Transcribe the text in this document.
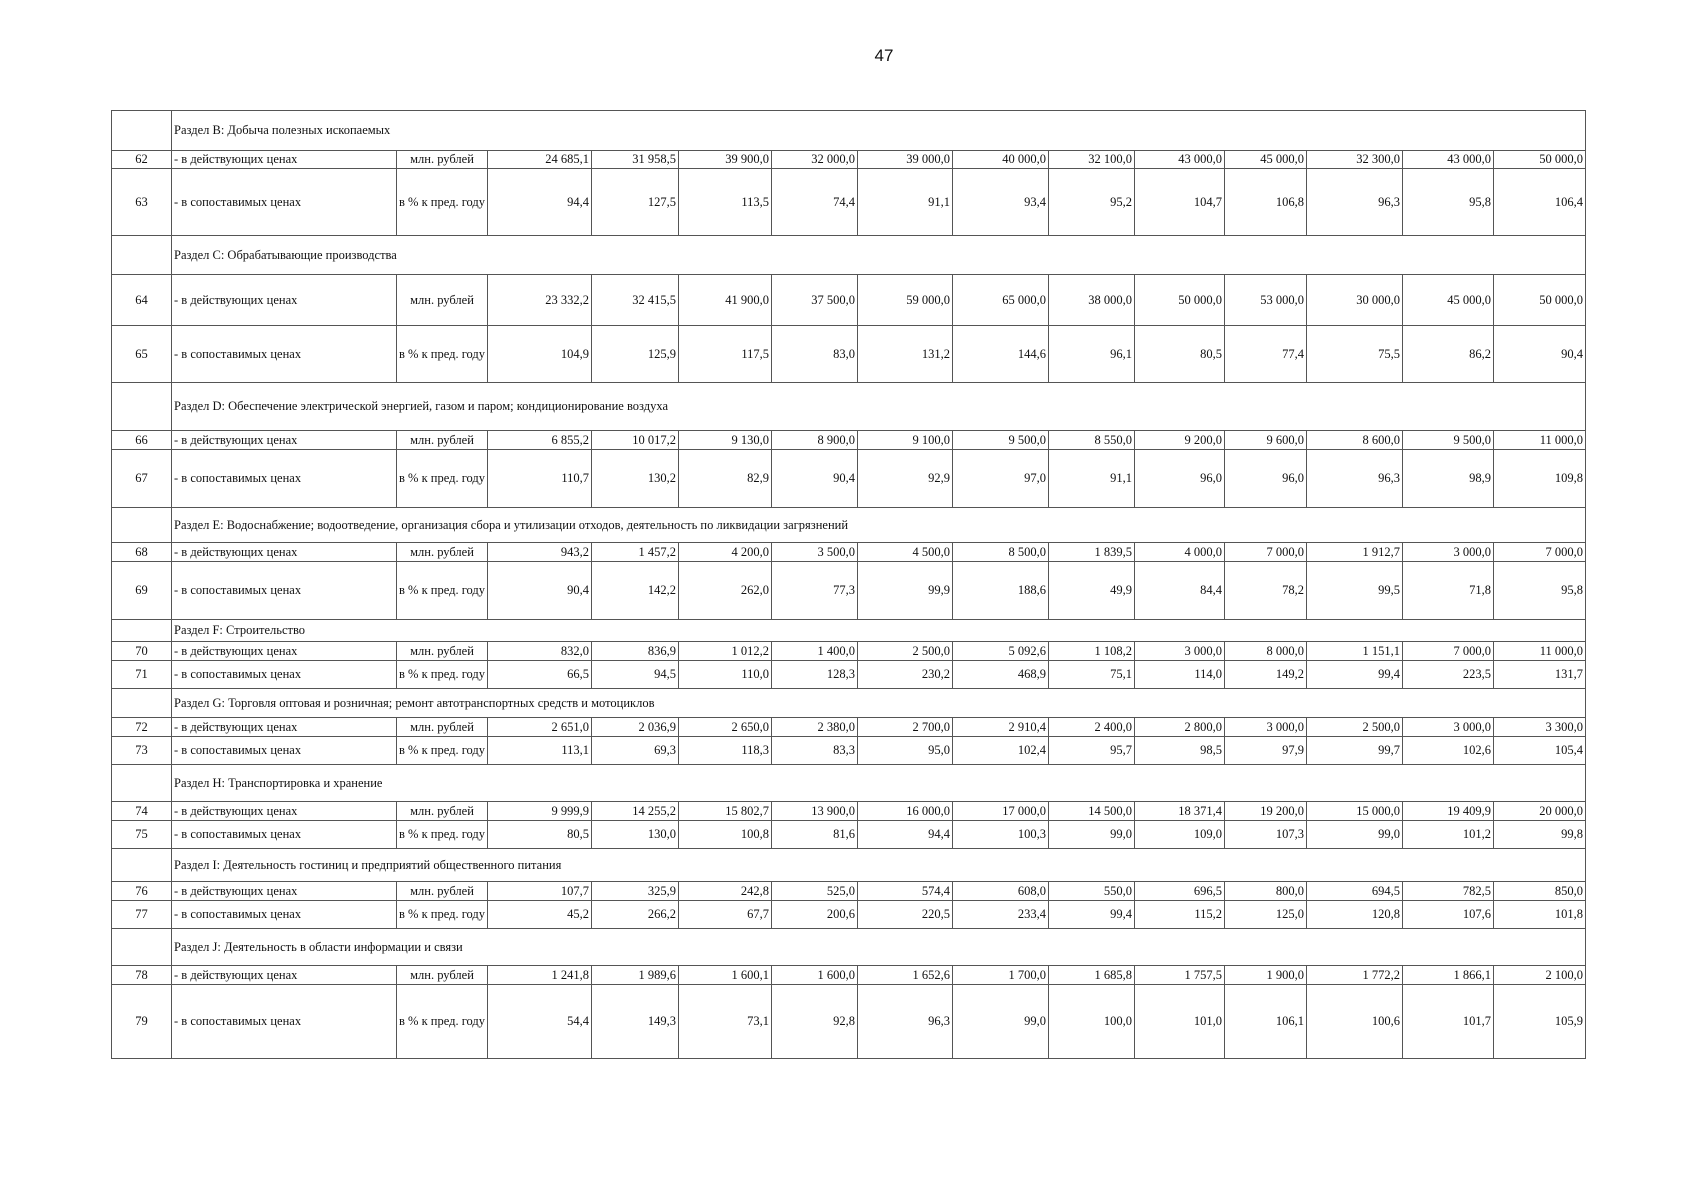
47
	Раздел B: Добыча полезных ископаемых													
62	- в действующих ценах	млн. рублей	24 685,1	31 958,5	39 900,0	32 000,0	39 000,0	40 000,0	32 100,0	43 000,0	45 000,0	32 300,0	43 000,0	50 000,0
63	- в сопоставимых ценах	в % к пред. году	94,4	127,5	113,5	74,4	91,1	93,4	95,2	104,7	106,8	96,3	95,8	106,4
	Раздел C: Обрабатывающие производства													
64	- в действующих ценах	млн. рублей	23 332,2	32 415,5	41 900,0	37 500,0	59 000,0	65 000,0	38 000,0	50 000,0	53 000,0	30 000,0	45 000,0	50 000,0
65	- в сопоставимых ценах	в % к пред. году	104,9	125,9	117,5	83,0	131,2	144,6	96,1	80,5	77,4	75,5	86,2	90,4
	Раздел D: Обеспечение электрической энергией, газом и паром; кондиционирование воздуха													
66	- в действующих ценах	млн. рублей	6 855,2	10 017,2	9 130,0	8 900,0	9 100,0	9 500,0	8 550,0	9 200,0	9 600,0	8 600,0	9 500,0	11 000,0
67	- в сопоставимых ценах	в % к пред. году	110,7	130,2	82,9	90,4	92,9	97,0	91,1	96,0	96,0	96,3	98,9	109,8
	Раздел E: Водоснабжение; водоотведение, организация сбора и утилизации отходов, деятельность по ликвидации загрязнений													
68	- в действующих ценах	млн. рублей	943,2	1 457,2	4 200,0	3 500,0	4 500,0	8 500,0	1 839,5	4 000,0	7 000,0	1 912,7	3 000,0	7 000,0
69	- в сопоставимых ценах	в % к пред. году	90,4	142,2	262,0	77,3	99,9	188,6	49,9	84,4	78,2	99,5	71,8	95,8
	Раздел F: Строительство													
70	- в действующих ценах	млн. рублей	832,0	836,9	1 012,2	1 400,0	2 500,0	5 092,6	1 108,2	3 000,0	8 000,0	1 151,1	7 000,0	11 000,0
71	- в сопоставимых ценах	в % к пред. году	66,5	94,5	110,0	128,3	230,2	468,9	75,1	114,0	149,2	99,4	223,5	131,7
	Раздел G: Торговля оптовая и розничная; ремонт автотранспортных средств и мотоциклов													
72	- в действующих ценах	млн. рублей	2 651,0	2 036,9	2 650,0	2 380,0	2 700,0	2 910,4	2 400,0	2 800,0	3 000,0	2 500,0	3 000,0	3 300,0
73	- в сопоставимых ценах	в % к пред. году	113,1	69,3	118,3	83,3	95,0	102,4	95,7	98,5	97,9	99,7	102,6	105,4
	Раздел H: Транспортировка и хранение													
74	- в действующих ценах	млн. рублей	9 999,9	14 255,2	15 802,7	13 900,0	16 000,0	17 000,0	14 500,0	18 371,4	19 200,0	15 000,0	19 409,9	20 000,0
75	- в сопоставимых ценах	в % к пред. году	80,5	130,0	100,8	81,6	94,4	100,3	99,0	109,0	107,3	99,0	101,2	99,8
	Раздел I: Деятельность гостиниц и предприятий общественного питания													
76	- в действующих ценах	млн. рублей	107,7	325,9	242,8	525,0	574,4	608,0	550,0	696,5	800,0	694,5	782,5	850,0
77	- в сопоставимых ценах	в % к пред. году	45,2	266,2	67,7	200,6	220,5	233,4	99,4	115,2	125,0	120,8	107,6	101,8
	Раздел J: Деятельность в области информации и связи													
78	- в действующих ценах	млн. рублей	1 241,8	1 989,6	1 600,1	1 600,0	1 652,6	1 700,0	1 685,8	1 757,5	1 900,0	1 772,2	1 866,1	2 100,0
79	- в сопоставимых ценах	в % к пред. году	54,4	149,3	73,1	92,8	96,3	99,0	100,0	101,0	106,1	100,6	101,7	105,9
